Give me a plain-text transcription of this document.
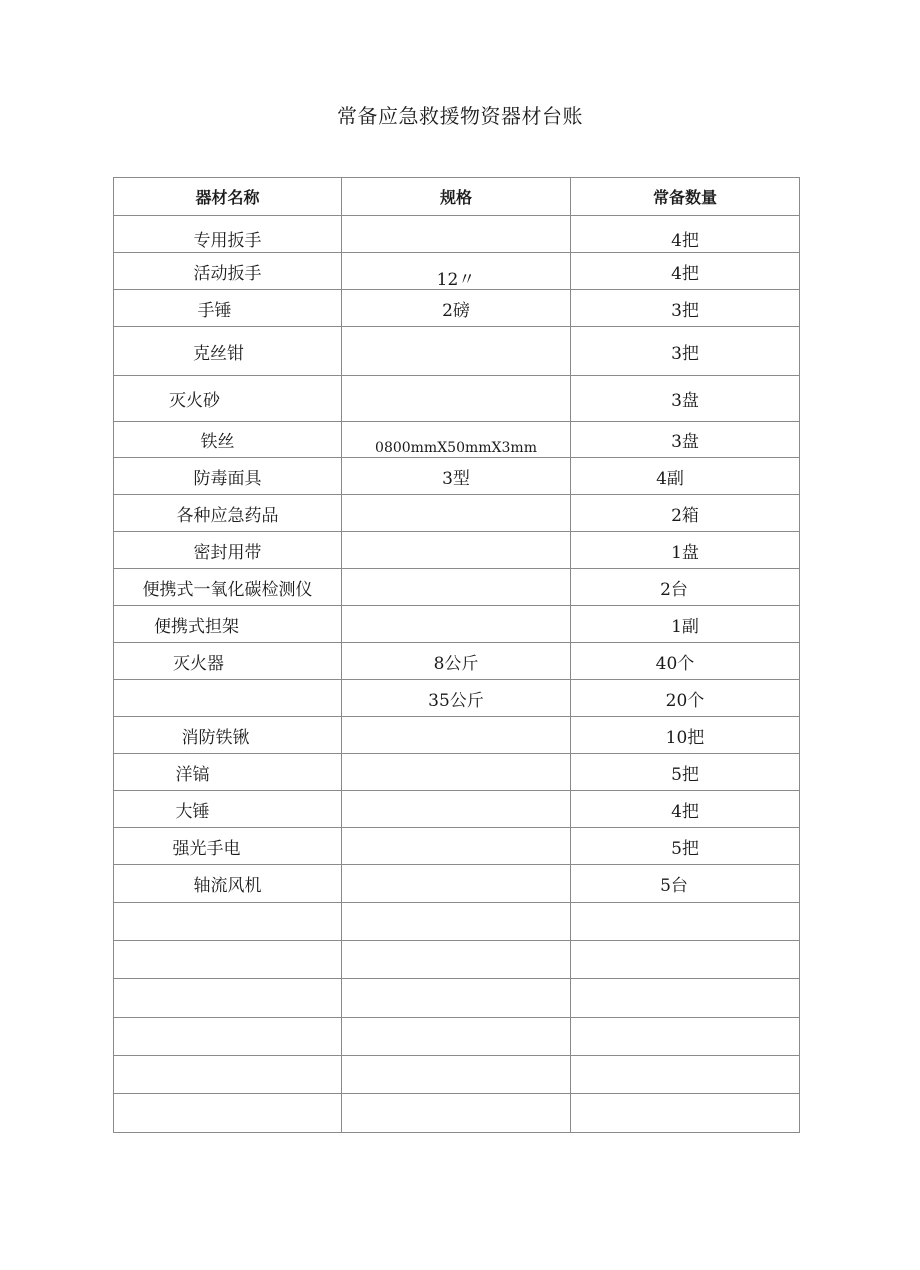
常备应急救援物资器材台账
器材名称	规格	常备数量

专用扳手		4把

活动扳手	12〃	4把

手锤	2磅	3把

克丝钳		3把

灭火砂		3盘

铁丝	0800mmX50mmX3mm	3盘

防毒面具	3型	4副

各种应急药品		2箱

密封用带		1盘

便携式一氧化碳检测仪		2台

便携式担架		1副

灭火器	8公斤	40个

	35公斤	20个

消防铁锹		10把

洋镐		5把

大锤		4把

强光手电		5把

轴流风机		5台
